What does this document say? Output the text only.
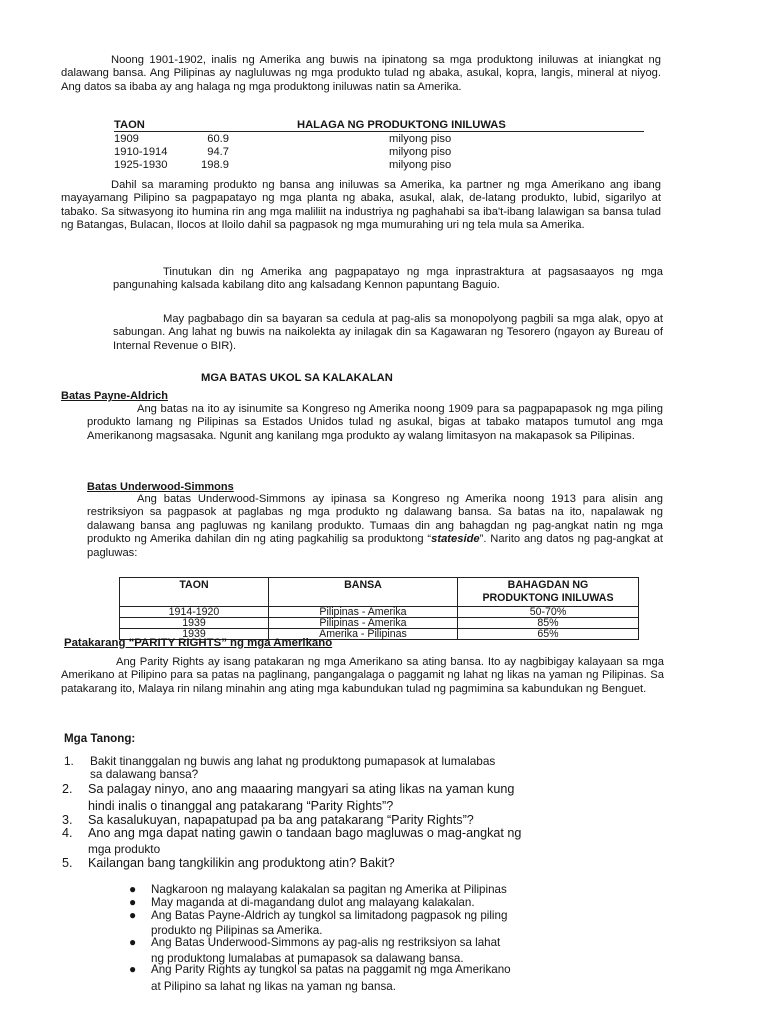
Noong 1901-1902, inalis ng Amerika ang buwis na ipinatong sa mga produktong iniluwas at iniangkat ng dalawang bansa. Ang Pilipinas ay nagluluwas ng mga produkto tulad ng abaka, asukal, kopra, langis, mineral at niyog. Ang datos sa ibaba ay ang halaga ng mga produktong iniluwas natin sa Amerika.
TAON	HALAGA NG PRODUKTONG INILUWAS
1909	60.9	milyong piso
1910-1914	94.7	milyong piso
1925-1930	198.9	milyong piso
Dahil sa maraming produkto ng bansa ang iniluwas sa Amerika, ka partner ng mga Amerikano ang ibang mayayamang Pilipino sa pagpapatayo ng mga planta ng abaka, asukal, alak, de-latang produkto, lubid, sigarilyo at tabako. Sa sitwasyong ito humina rin ang mga maliliit na industriya ng paghahabi sa iba't-ibang lalawigan sa bansa tulad ng Batangas, Bulacan, Ilocos at Iloilo dahil sa pagpasok ng mga mumurahing uri ng tela mula sa Amerika.
Tinutukan din ng Amerika ang pagpapatayo ng mga inprastraktura at pagsasaayos ng mga pangunahing kalsada kabilang dito ang kalsadang Kennon papuntang Baguio.
May pagbabago din sa bayaran sa cedula at pag-alis sa monopolyong pagbili sa mga alak, opyo at sabungan. Ang lahat ng buwis na naikolekta ay inilagak din sa Kagawaran ng Tesorero (ngayon ay Bureau of Internal Revenue o BIR).
MGA BATAS UKOL SA KALAKALAN
Batas Payne-Aldrich
Ang batas na ito ay isinumite sa Kongreso ng Amerika noong 1909 para sa pagpapapasok ng mga piling produkto lamang ng Pilipinas sa Estados Unidos tulad ng asukal, bigas at tabako matapos tumutol ang mga Amerikanong magsasaka. Ngunit ang kanilang mga produkto ay walang limitasyon na makapasok sa Pilipinas.
Batas Underwood-Simmons
Ang batas Underwood-Simmons ay ipinasa sa Kongreso ng Amerika noong 1913 para alisin ang restriksiyon sa pagpasok at paglabas ng mga produkto ng dalawang bansa. Sa batas na ito, napalawak ng dalawang bansa ang pagluwas ng kanilang produkto. Tumaas din ang bahagdan ng pag-angkat natin ng mga produkto ng Amerika dahilan din ng ating pagkahilig sa produktong “stateside”. Narito ang datos ng pag-angkat at pagluwas:
TAON	BANSA	BAHAGDAN NG
PRODUKTONG INILUWAS
1914-1920	Pilipinas - Amerika	50-70%
1939	Pilipinas - Amerika	85%
1939	Amerika - Pilipinas	65%
Patakarang “PARITY RIGHTS” ng mga Amerikano
Ang Parity Rights ay isang patakaran ng mga Amerikano sa ating bansa. Ito ay nagbibigay kalayaan sa mga Amerikano at Pilipino para sa patas na paglinang, pangangalaga o paggamit ng lahat ng likas na yaman ng Pilipinas. Sa patakarang ito, Malaya rin nilang minahin ang ating mga kabundukan tulad ng pagmimina sa kabundukan ng Benguet.
Mga Tanong:
1. Bakit tinanggalan ng buwis ang lahat ng produktong pumapasok at lumalabas
sa dalawang bansa?
2. Sa palagay ninyo, ano ang maaaring mangyari sa ating likas na yaman kung
hindi inalis o tinanggal ang patakarang “Parity Rights”?
3. Sa kasalukuyan, napapatupad pa ba ang patakarang “Parity Rights”?
4. Ano ang mga dapat nating gawin o tandaan bago magluwas o mag-angkat ng
mga produkto
5. Kailangan bang tangkilikin ang produktong atin? Bakit?
● Nagkaroon ng malayang kalakalan sa pagitan ng Amerika at Pilipinas
● May maganda at di-magandang dulot ang malayang kalakalan.
● Ang Batas Payne-Aldrich ay tungkol sa limitadong pagpasok ng piling
produkto ng Pilipinas sa Amerika.
● Ang Batas Underwood-Simmons ay pag-alis ng restriksiyon sa lahat
ng produktong lumalabas at pumapasok sa dalawang bansa.
● Ang Parity Rights ay tungkol sa patas na paggamit ng mga Amerikano
at Pilipino sa lahat ng likas na yaman ng bansa.
